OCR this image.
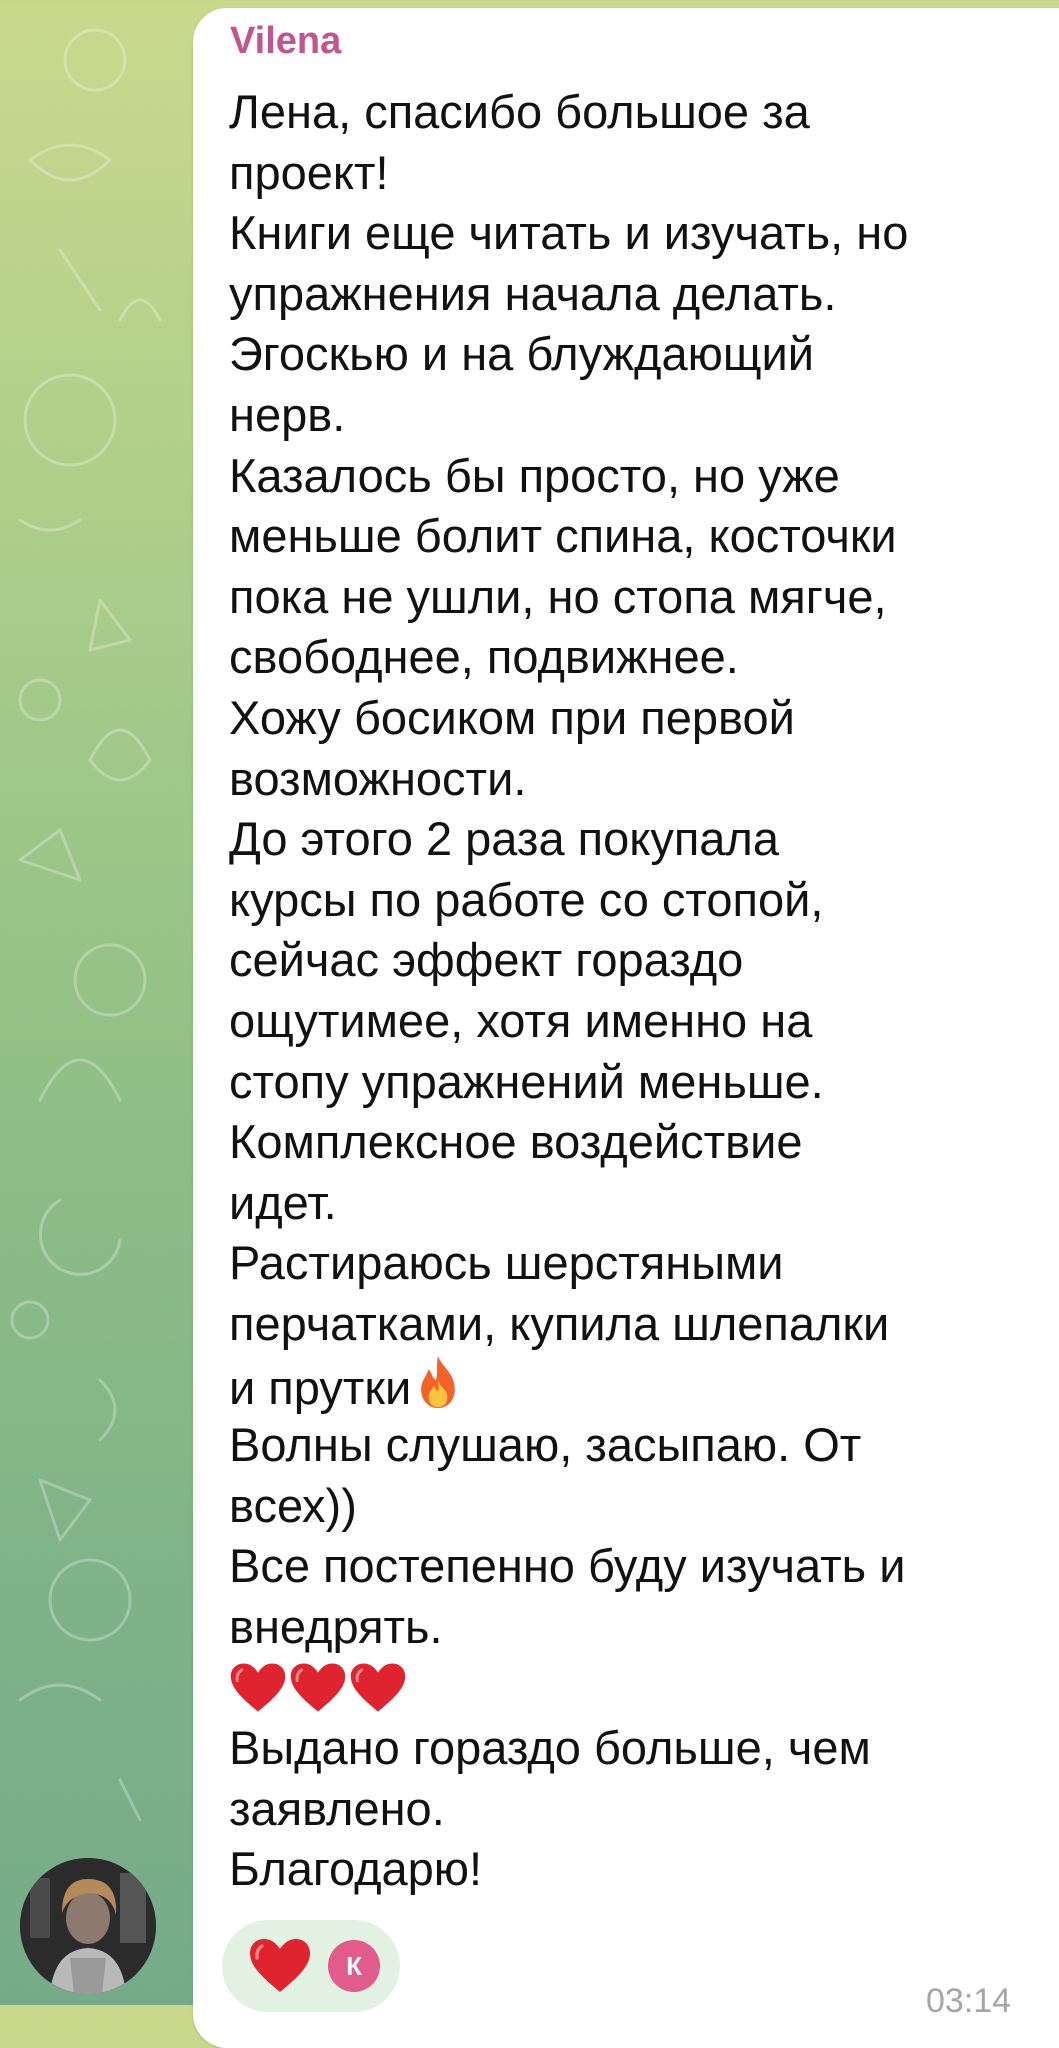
Vilena
Лена, спасибо большое за
проект!
Книги еще читать и изучать, но
упражнения начала делать.
Эгоскью и на блуждающий
нерв.
Казалось бы просто, но уже
меньше болит спина, косточки
пока не ушли, но стопа мягче,
свободнее, подвижнее.
Хожу босиком при первой
возможности.
До этого 2 раза покупала
курсы по работе со стопой,
сейчас эффект гораздо
ощутимее, хотя именно на
стопу упражнений меньше.
Комплексное воздействие
идет.
Растираюсь шерстяными
перчатками, купила шлепалки
и прутки
Волны слушаю, засыпаю. От
всех))
Все постепенно буду изучать и
внедрять.
Выдано гораздо больше, чем
заявлено.
Благодарю!
К
03:14
